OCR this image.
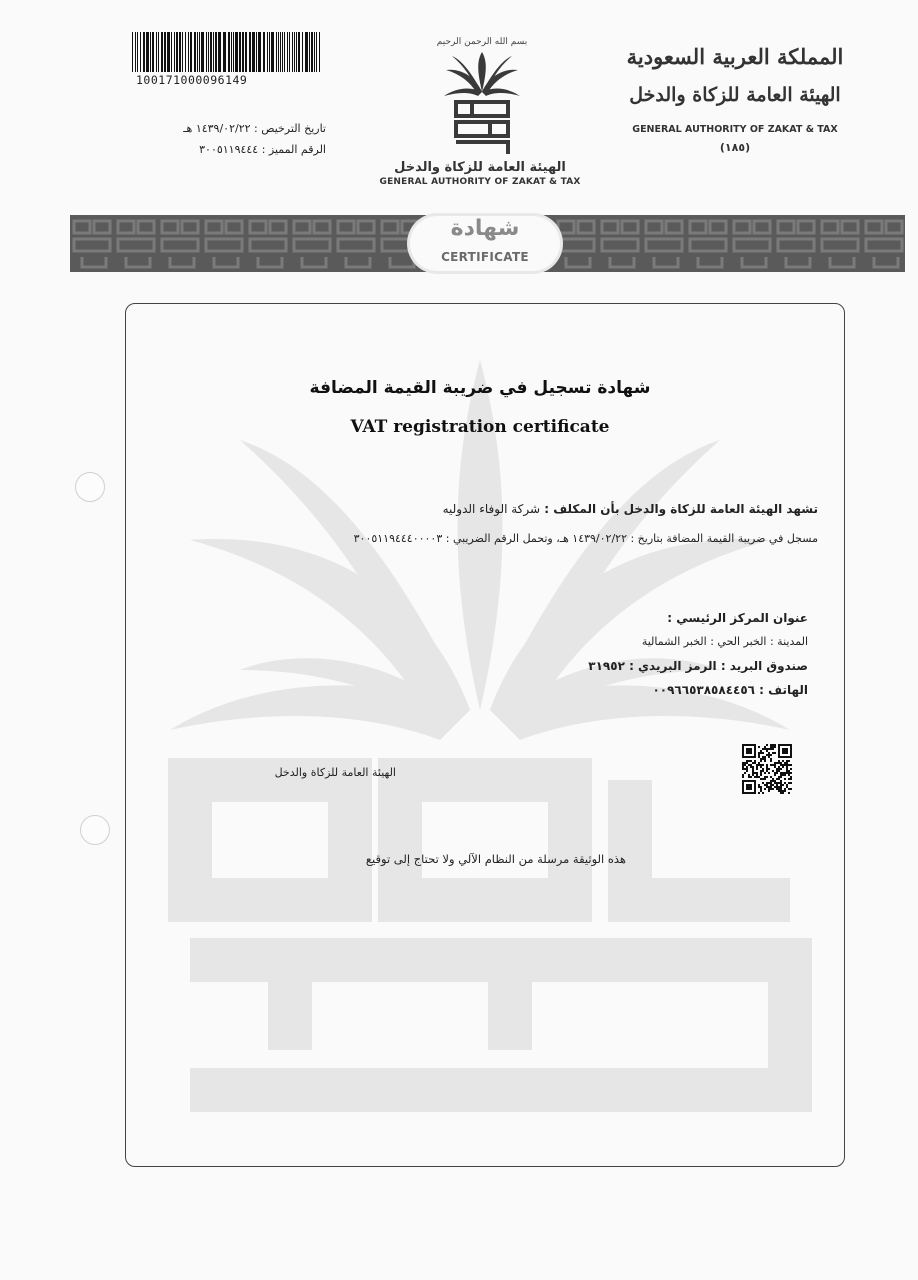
100171000096149
تاريخ الترخيص : ١٤٣٩/٠٢/٢٢ هـ
الرقم المميز : ٣٠٠٥١١٩٤٤٤
بسم الله الرحمن الرحيم
الهيئة العامة للزكاة والدخل
GENERAL AUTHORITY OF ZAKAT & TAX
المملكة العربية السعودية
الهيئة العامة للزكاة والدخل
GENERAL AUTHORITY OF ZAKAT & TAX
(١٨٥)
شهادة
CERTIFICATE
شهادة تسجيل في ضريبة القيمة المضافة
VAT registration certificate
تشهد الهيئة العامة للزكاة والدخل بأن المكلف : شركة الوفاء الدوليه
مسجل في ضريبة القيمة المضافة بتاريخ : ١٤٣٩/٠٢/٢٢ هـ، وتحمل الرقم الضريبي : ٣٠٠٥١١٩٤٤٤٠٠٠٠٣
عنوان المركز الرئيسي :
المدينة : الخبر الحي : الخبر الشمالية
صندوق البريد : الرمز البريدي : ٣١٩٥٢
الهاتف : ٠٠٩٦٦٥٣٨٥٨٤٤٥٦
الهيئة العامة للزكاة والدخل
هذه الوثيقة مرسلة من النظام الآلي ولا تحتاج إلى توقيع
